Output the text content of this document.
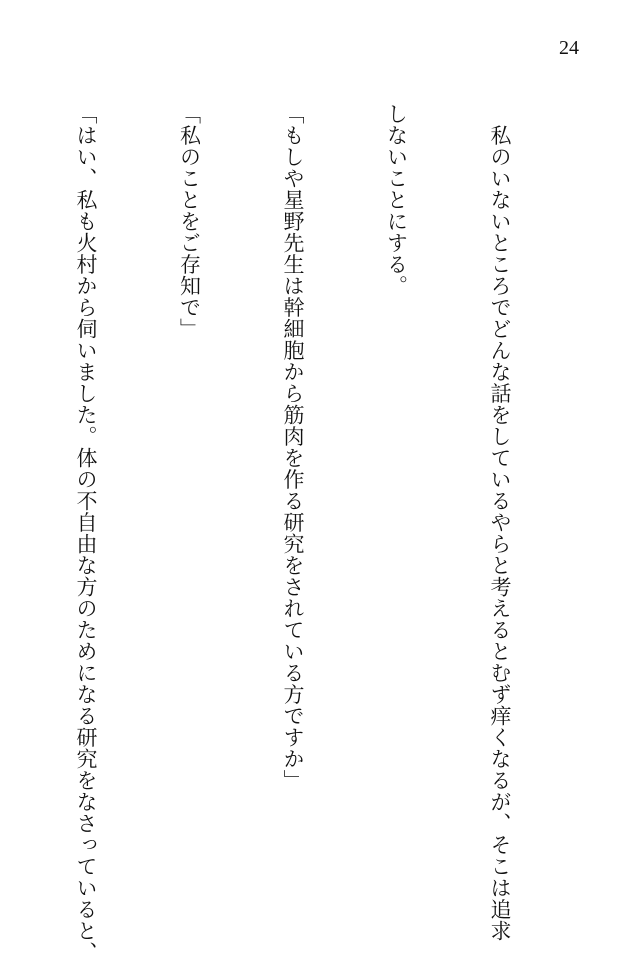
24

　私のいないところでどんな話をしているやらと考えるとむず痒くなるが、そこは追求

しないことにする。

「もしや星野先生は幹細胞から筋肉を作る研究をされている方ですか」

「私のことをご存知で」

「はい、私も火村から伺いました。体の不自由な方のためになる研究をなさっていると、
